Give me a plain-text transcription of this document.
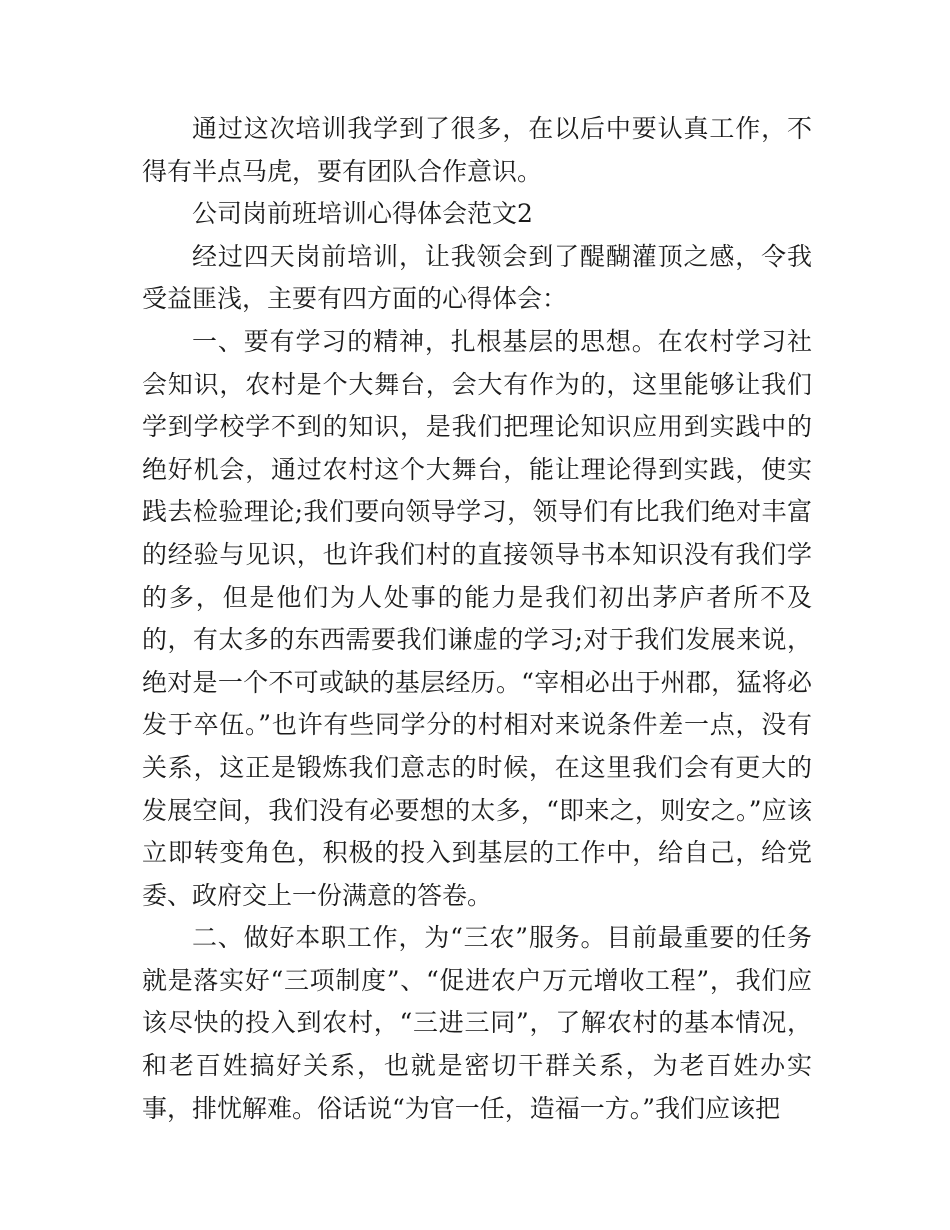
通过这次培训我学到了很多，在以后中要认真工作，不得有半点马虎，要有团队合作意识。

公司岗前班培训心得体会范文2

经过四天岗前培训，让我领会到了醍醐灌顶之感，令我受益匪浅，主要有四方面的心得体会：

一、要有学习的精神，扎根基层的思想。在农村学习社会知识，农村是个大舞台，会大有作为的，这里能够让我们学到学校学不到的知识，是我们把理论知识应用到实践中的绝好机会，通过农村这个大舞台，能让理论得到实践，使实践去检验理论;我们要向领导学习，领导们有比我们绝对丰富的经验与见识，也许我们村的直接领导书本知识没有我们学的多，但是他们为人处事的能力是我们初出茅庐者所不及的，有太多的东西需要我们谦虚的学习;对于我们发展来说，绝对是一个不可或缺的基层经历。“宰相必出于州郡，猛将必发于卒伍。”也许有些同学分的村相对来说条件差一点，没有关系，这正是锻炼我们意志的时候，在这里我们会有更大的发展空间，我们没有必要想的太多，“即来之，则安之。”应该立即转变角色，积极的投入到基层的工作中，给自己，给党委、政府交上一份满意的答卷。

二、做好本职工作，为“三农”服务。目前最重要的任务就是落实好“三项制度”、“促进农户万元增收工程”，我们应该尽快的投入到农村，“三进三同”，了解农村的基本情况，和老百姓搞好关系，也就是密切干群关系，为老百姓办实事，排忧解难。俗话说“为官一任，造福一方。”我们应该把
